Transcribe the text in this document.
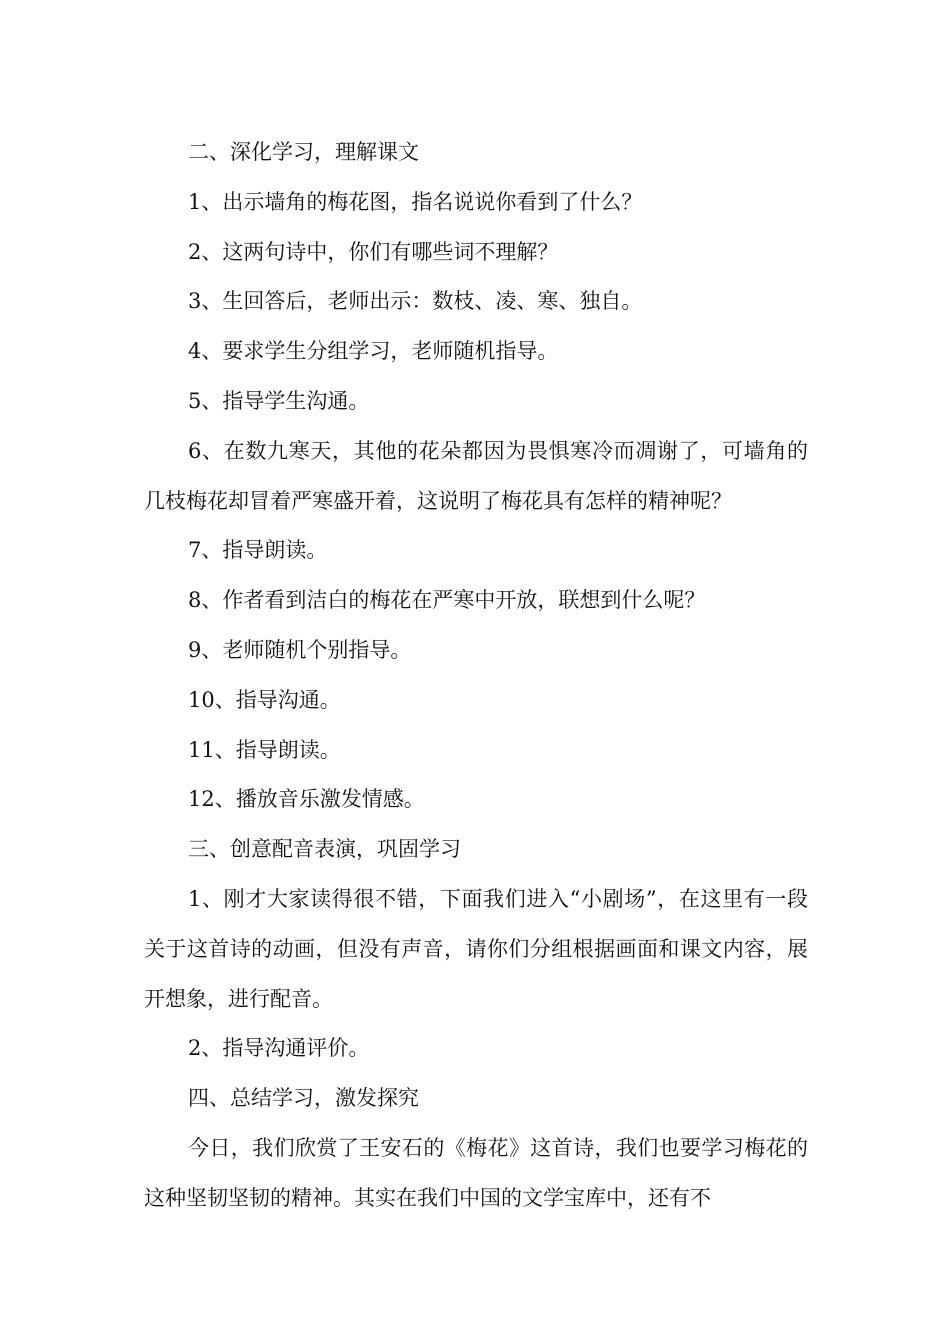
二、深化学习，理解课文

1、出示墙角的梅花图，指名说说你看到了什么？

2、这两句诗中，你们有哪些词不理解？

3、生回答后，老师出示：数枝、凌、寒、独自。

4、要求学生分组学习，老师随机指导。

5、指导学生沟通。

6、在数九寒天，其他的花朵都因为畏惧寒冷而凋谢了，可墙角的几枝梅花却冒着严寒盛开着，这说明了梅花具有怎样的精神呢？

7、指导朗读。

8、作者看到洁白的梅花在严寒中开放，联想到什么呢？

9、老师随机个别指导。

10、指导沟通。

11、指导朗读。

12、播放音乐激发情感。

三、创意配音表演，巩固学习

1、刚才大家读得很不错，下面我们进入“小剧场”，在这里有一段关于这首诗的动画，但没有声音，请你们分组根据画面和课文内容，展开想象，进行配音。

2、指导沟通评价。

四、总结学习，激发探究

今日，我们欣赏了王安石的《梅花》这首诗，我们也要学习梅花的这种坚韧坚韧的精神。其实在我们中国的文学宝库中，还有不
